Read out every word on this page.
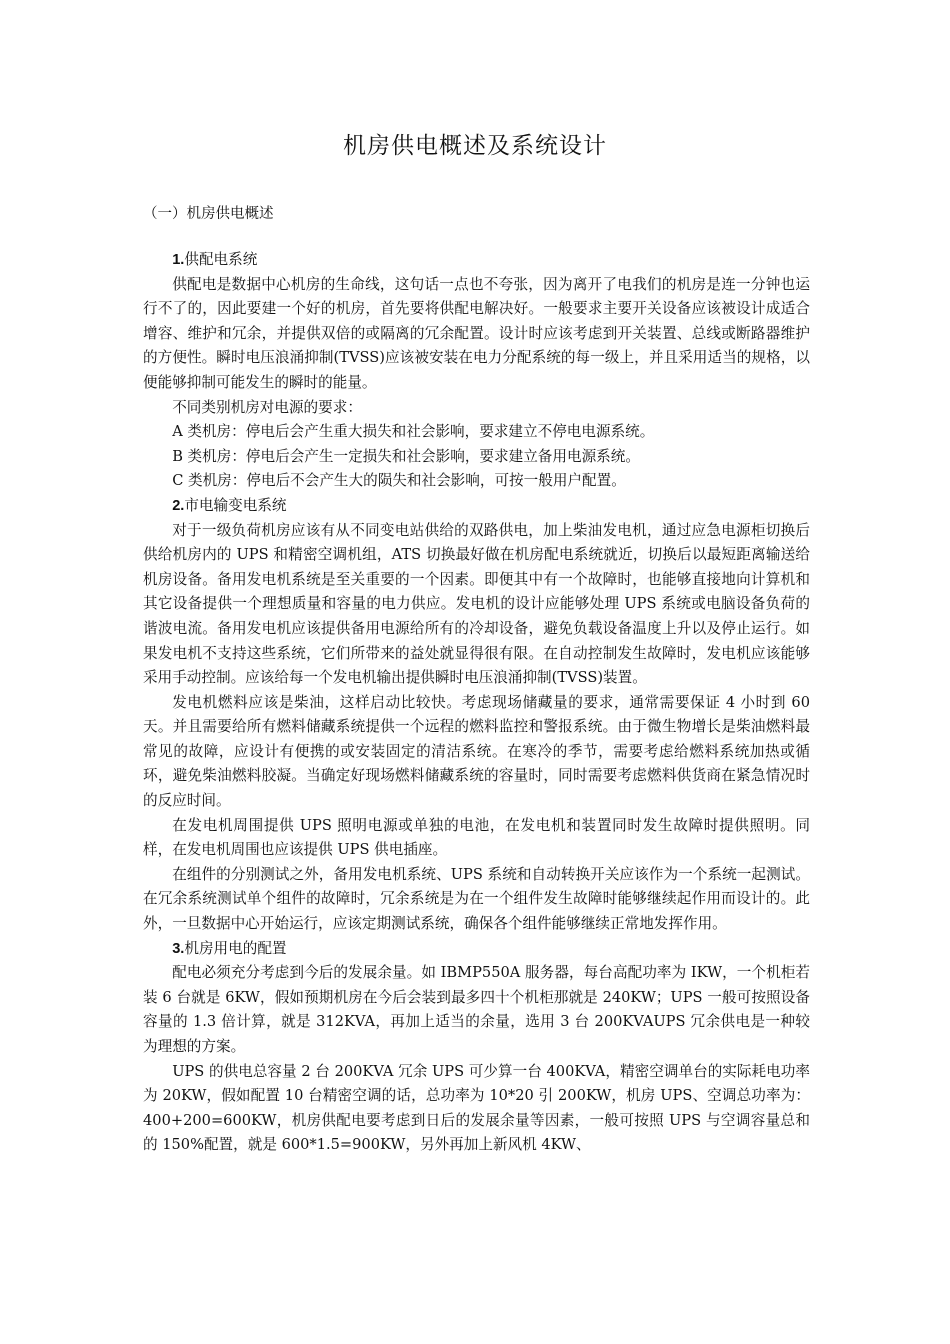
机房供电概述及系统设计
（一）机房供电概述

1.供配电系统

供配电是数据中心机房的生命线，这句话一点也不夸张，因为离开了电我们的机房是连一分钟也运行不了的，因此要建一个好的机房，首先要将供配电解决好。一般要求主要开关设备应该被设计成适合增容、维护和冗余，并提供双倍的或隔离的冗余配置。设计时应该考虑到开关装置、总线或断路器维护的方便性。瞬时电压浪涌抑制(TVSS)应该被安装在电力分配系统的每一级上，并且采用适当的规格，以便能够抑制可能发生的瞬时的能量。

不同类别机房对电源的要求：

A 类机房：停电后会产生重大损失和社会影响，要求建立不停电电源系统。

B 类机房：停电后会产生一定损失和社会影响，要求建立备用电源系统。

C 类机房：停电后不会产生大的陨失和社会影响，可按一般用户配置。

2.市电输变电系统

对于一级负荷机房应该有从不同变电站供给的双路供电，加上柴油发电机，通过应急电源柜切换后供给机房内的 UPS 和精密空调机组，ATS 切换最好做在机房配电系统就近，切换后以最短距离输送给机房设备。备用发电机系统是至关重要的一个因素。即便其中有一个故障时，也能够直接地向计算机和其它设备提供一个理想质量和容量的电力供应。发电机的设计应能够处理 UPS 系统或电脑设备负荷的谐波电流。备用发电机应该提供备用电源给所有的冷却设备，避免负载设备温度上升以及停止运行。如果发电机不支持这些系统，它们所带来的益处就显得很有限。在自动控制发生故障时，发电机应该能够采用手动控制。应该给每一个发电机输出提供瞬时电压浪涌抑制(TVSS)装置。

发电机燃料应该是柴油，这样启动比较快。考虑现场储藏量的要求，通常需要保证 4 小时到 60 天。并且需要给所有燃料储藏系统提供一个远程的燃料监控和警报系统。由于微生物增长是柴油燃料最常见的故障，应设计有便携的或安装固定的清洁系统。在寒冷的季节，需要考虑给燃料系统加热或循环，避免柴油燃料胶凝。当确定好现场燃料储藏系统的容量时，同时需要考虑燃料供货商在紧急情况时的反应时间。

在发电机周围提供 UPS 照明电源或单独的电池，在发电机和装置同时发生故障时提供照明。同样，在发电机周围也应该提供 UPS 供电插座。

在组件的分别测试之外，备用发电机系统、UPS 系统和自动转换开关应该作为一个系统一起测试。在冗余系统测试单个组件的故障时，冗余系统是为在一个组件发生故障时能够继续起作用而设计的。此外，一旦数据中心开始运行，应该定期测试系统，确保各个组件能够继续正常地发挥作用。

3.机房用电的配置

配电必须充分考虑到今后的发展余量。如 IBMP550A 服务器，每台高配功率为 IKW，一个机柜若装 6 台就是 6KW，假如预期机房在今后会装到最多四十个机柜那就是 240KW；UPS 一般可按照设备容量的 1.3 倍计算，就是 312KVA，再加上适当的余量，选用 3 台 200KVAUPS 冗余供电是一种较为理想的方案。

UPS 的供电总容量 2 台 200KVA 冗余 UPS 可少算一台 400KVA，精密空调单台的实际耗电功率为 20KW，假如配置 10 台精密空调的话，总功率为 10*20 引 200KW，机房 UPS、空调总功率为：400+200=600KW，机房供配电要考虑到日后的发展余量等因素，一般可按照 UPS 与空调容量总和的 150%配置，就是 600*1.5=900KW，另外再加上新风机 4KW、
